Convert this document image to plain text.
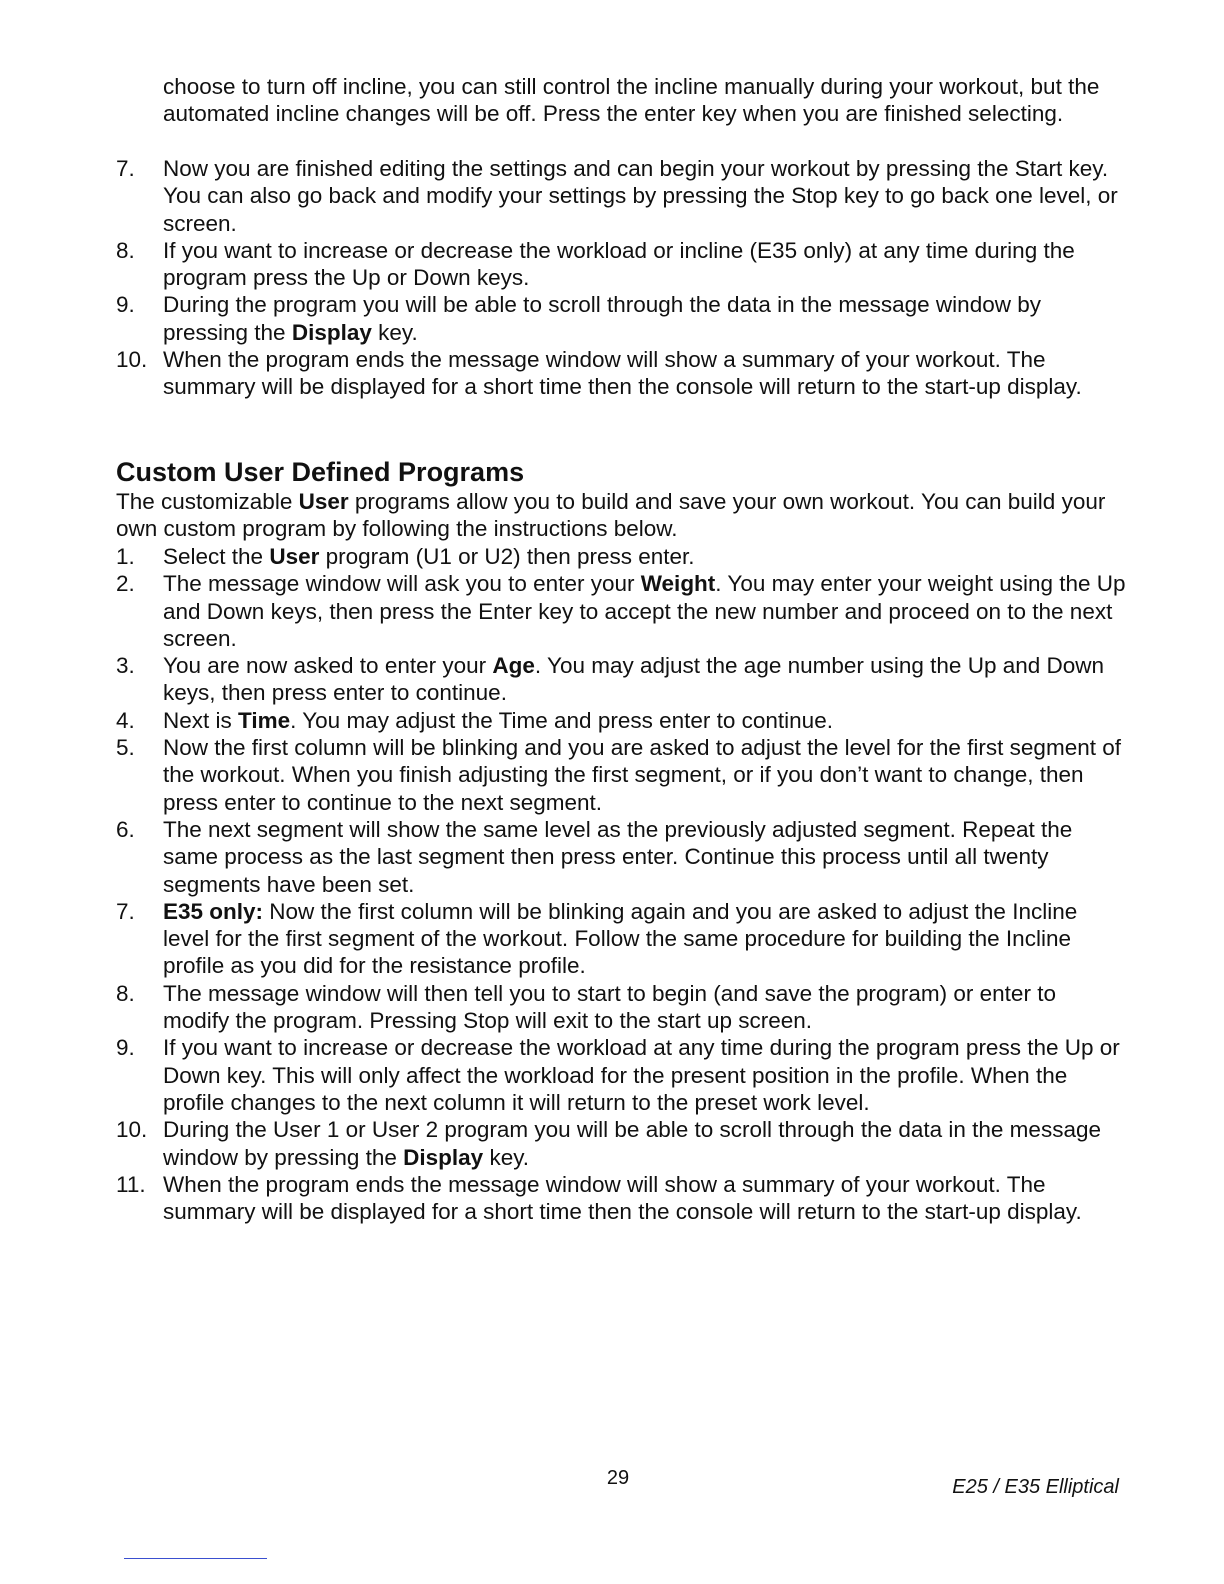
choose to turn off incline, you can still control the incline manually during your workout, but the automated incline changes will be off. Press the enter key when you are finished selecting.

7.	Now you are finished editing the settings and can begin your workout by pressing the Start key. You can also go back and modify your settings by pressing the Stop key to go back one level, or screen.
8.	If you want to increase or decrease the workload or incline (E35 only) at any time during the program press the Up or Down keys.
9.	During the program you will be able to scroll through the data in the message window by pressing the Display key.
10. When the program ends the message window will show a summary of your workout. The summary will be displayed for a short time then the console will return to the start-up display.
Custom User Defined Programs

The customizable User programs allow you to build and save your own workout. You can build your own custom program by following the instructions below.

1.	Select the User program (U1 or U2) then press enter.
2.	The message window will ask you to enter your Weight. You may enter your weight using the Up and Down keys, then press the Enter key to accept the new number and proceed on to the next screen.
3.	You are now asked to enter your Age. You may adjust the age number using the Up and Down keys, then press enter to continue.
4.	Next is Time. You may adjust the Time and press enter to continue.
5.	Now the first column will be blinking and you are asked to adjust the level for the first segment of the workout. When you finish adjusting the first segment, or if you don’t want to change, then press enter to continue to the next segment.
6.	The next segment will show the same level as the previously adjusted segment. Repeat the same process as the last segment then press enter. Continue this process until all twenty segments have been set.
7.	E35 only: Now the first column will be blinking again and you are asked to adjust the Incline level for the first segment of the workout. Follow the same procedure for building the Incline profile as you did for the resistance profile.
8.	The message window will then tell you to start to begin (and save the program) or enter to modify the program. Pressing Stop will exit to the start up screen.
9.	If you want to increase or decrease the workload at any time during the program press the Up or Down key. This will only affect the workload for the present position in the profile. When the profile changes to the next column it will return to the preset work level.
10. During the User 1 or User 2 program you will be able to scroll through the data in the message window by pressing the Display key.
11. When the program ends the message window will show a summary of your workout. The summary will be displayed for a short time then the console will return to the start-up display.
29	E25 / E35 Elliptical
